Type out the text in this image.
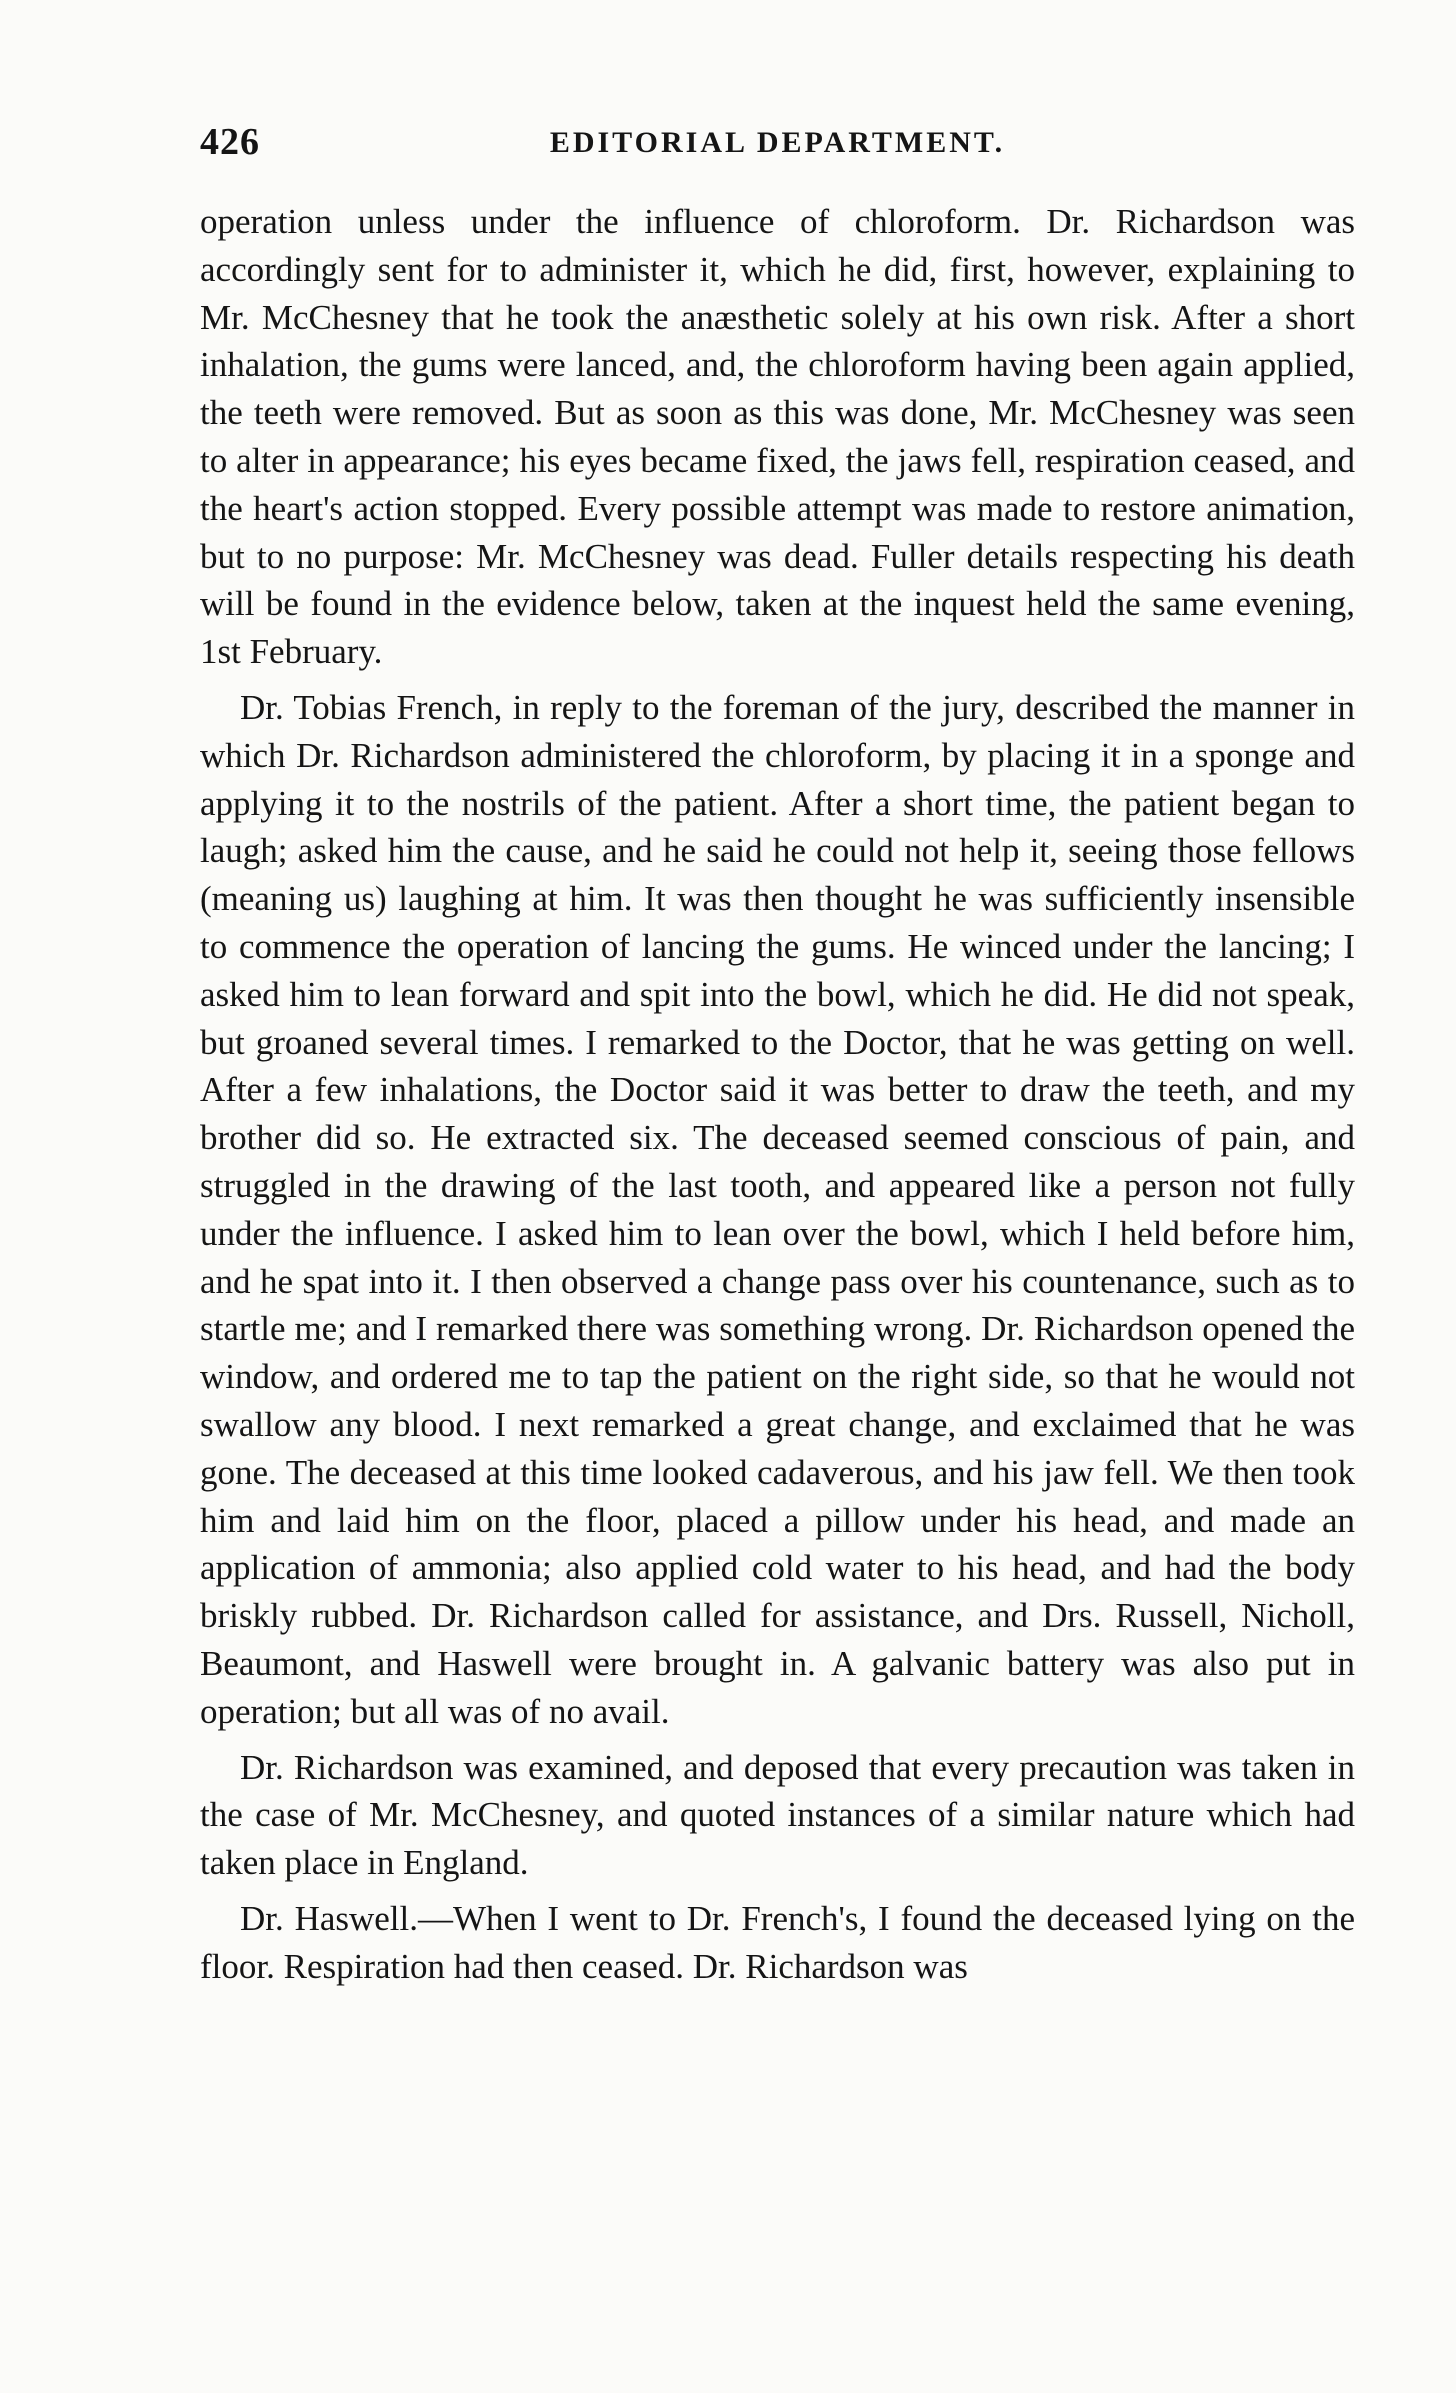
426	EDITORIAL DEPARTMENT.

operation unless under the influence of chloroform. Dr. Richardson was accordingly sent for to administer it, which he did, first, however, explaining to Mr. McChesney that he took the anæsthetic solely at his own risk. After a short inhalation, the gums were lanced, and, the chloroform having been again applied, the teeth were removed. But as soon as this was done, Mr. McChesney was seen to alter in appearance; his eyes became fixed, the jaws fell, respiration ceased, and the heart's action stopped. Every possible attempt was made to restore animation, but to no purpose: Mr. McChesney was dead. Fuller details respecting his death will be found in the evidence below, taken at the inquest held the same evening, 1st February.

Dr. Tobias French, in reply to the foreman of the jury, described the manner in which Dr. Richardson administered the chloroform, by placing it in a sponge and applying it to the nostrils of the patient. After a short time, the patient began to laugh; asked him the cause, and he said he could not help it, seeing those fellows (meaning us) laughing at him. It was then thought he was sufficiently insensible to commence the operation of lancing the gums. He winced under the lancing; I asked him to lean forward and spit into the bowl, which he did. He did not speak, but groaned several times. I remarked to the Doctor, that he was getting on well. After a few inhalations, the Doctor said it was better to draw the teeth, and my brother did so. He extracted six. The deceased seemed conscious of pain, and struggled in the drawing of the last tooth, and appeared like a person not fully under the influence. I asked him to lean over the bowl, which I held before him, and he spat into it. I then observed a change pass over his countenance, such as to startle me; and I remarked there was something wrong. Dr. Richardson opened the window, and ordered me to tap the patient on the right side, so that he would not swallow any blood. I next remarked a great change, and exclaimed that he was gone. The deceased at this time looked cadaverous, and his jaw fell. We then took him and laid him on the floor, placed a pillow under his head, and made an application of ammonia; also applied cold water to his head, and had the body briskly rubbed. Dr. Richardson called for assistance, and Drs. Russell, Nicholl, Beaumont, and Haswell were brought in. A galvanic battery was also put in operation; but all was of no avail.

Dr. Richardson was examined, and deposed that every precaution was taken in the case of Mr. McChesney, and quoted instances of a similar nature which had taken place in England.

Dr. Haswell.—When I went to Dr. French's, I found the deceased lying on the floor. Respiration had then ceased. Dr. Richardson was
